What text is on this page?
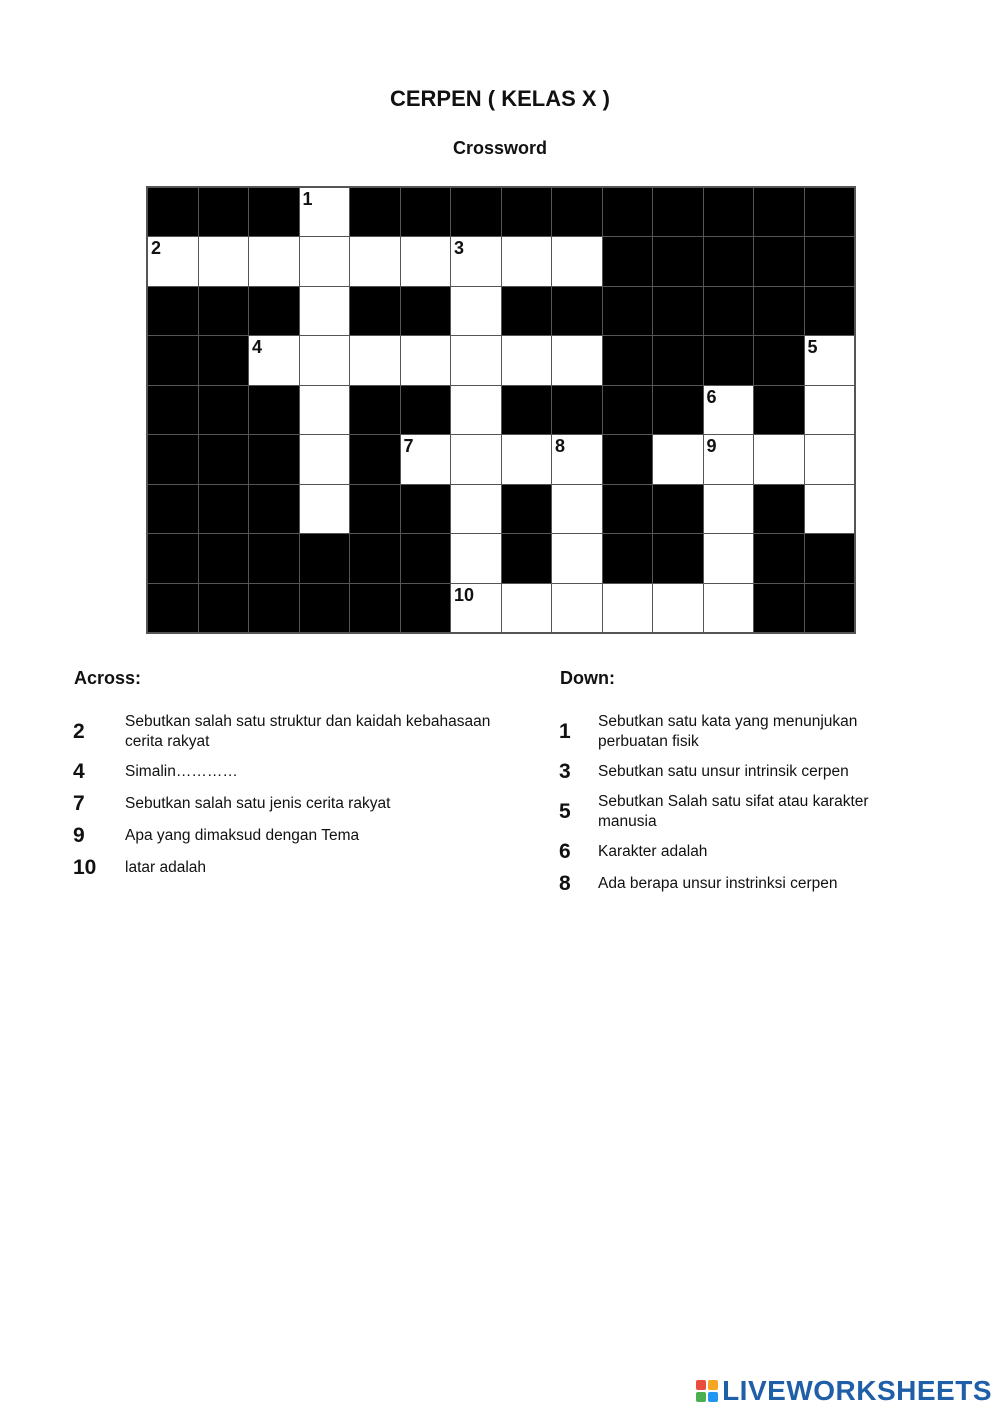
CERPEN ( KELAS X )
Crossword
1
2	3
4	5
6
7	8	9
10
Across:	Down:
2	Sebutkan salah satu struktur dan kaidah kebahasaan cerita rakyat
4	Simalin…………
7	Sebutkan salah satu jenis cerita rakyat
9	Apa yang dimaksud dengan Tema
10	latar adalah
1	Sebutkan satu kata yang menunjukan perbuatan fisik
3	Sebutkan satu unsur intrinsik cerpen
5	Sebutkan Salah satu sifat atau karakter manusia
6	Karakter adalah
8	Ada berapa unsur instrinksi cerpen
LIVEWORKSHEETS
